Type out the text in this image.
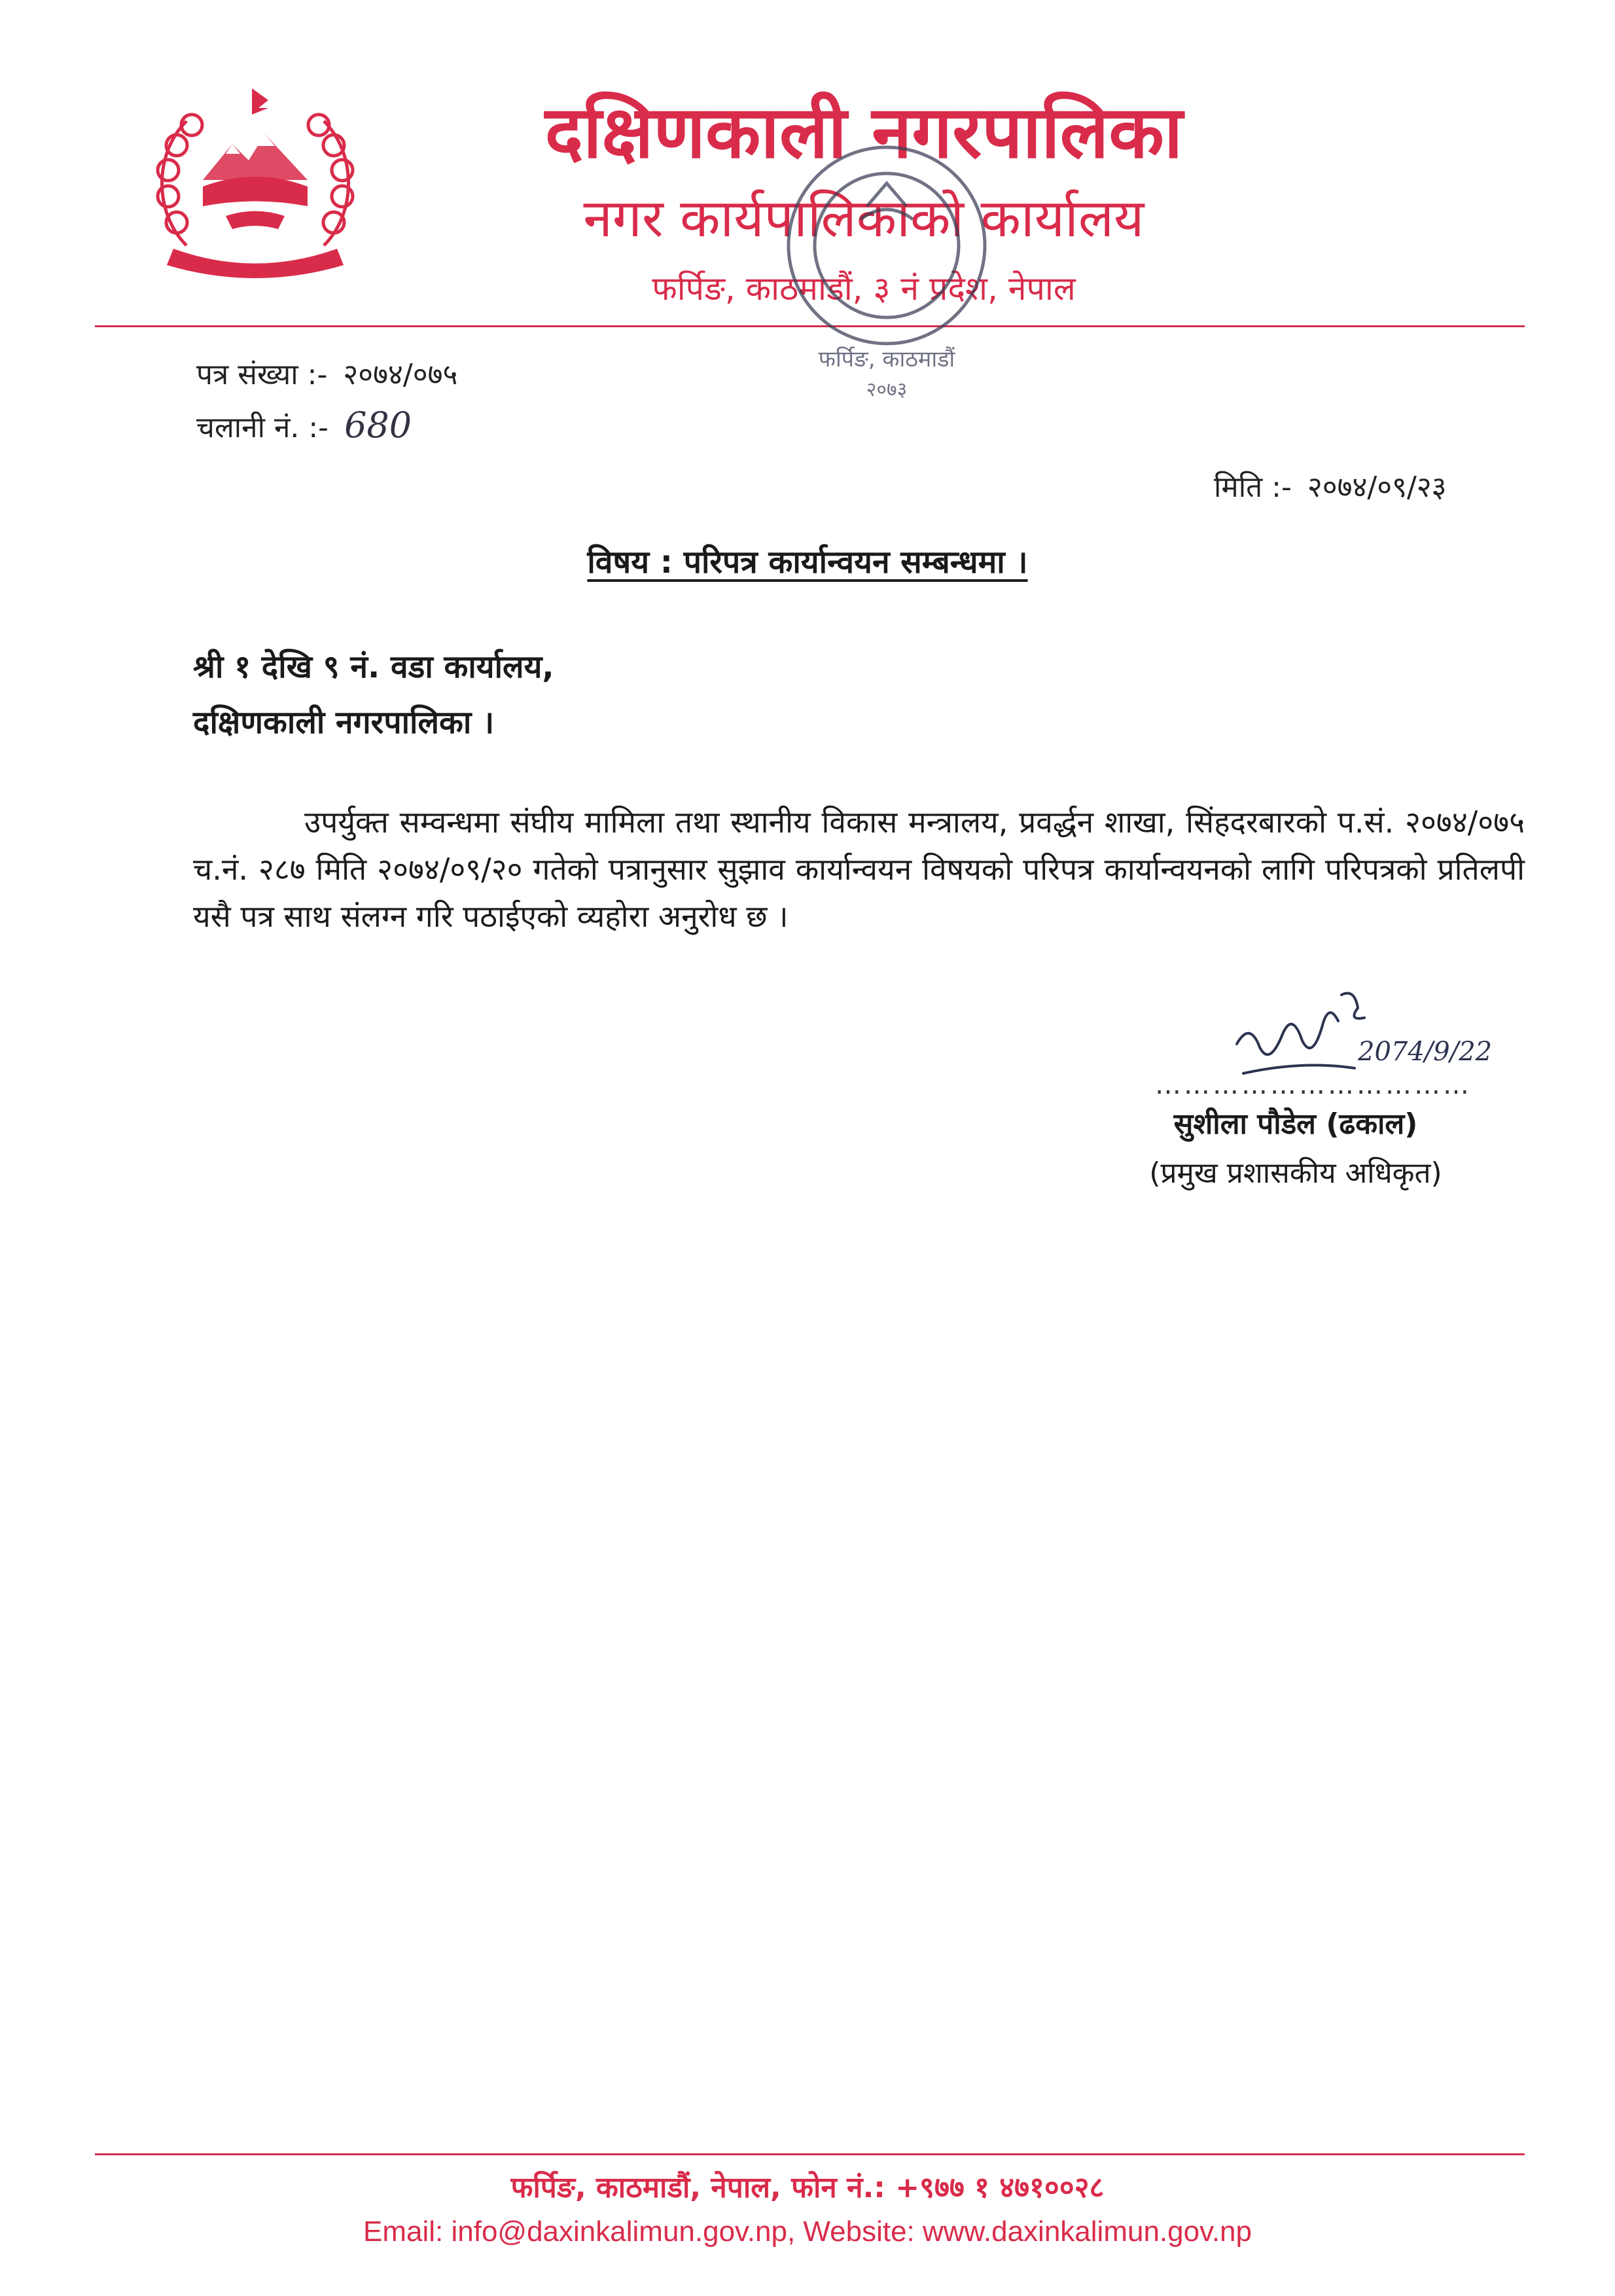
दक्षिणकाली नगरपालिका
नगर कार्यपालिकाको कार्यालय
फर्पिङ, काठमाडौं, ३ नं प्रदेश, नेपाल
फर्पिङ, काठमाडौं
२०७३
पत्र संख्या :- २०७४/०७५
चलानी नं. :- 680
मिति :- २०७४/०९/२३
विषय : परिपत्र कार्यान्वयन सम्बन्धमा ।
श्री १ देखि ९ नं. वडा कार्यालय,
दक्षिणकाली नगरपालिका ।
उपर्युक्त सम्वन्धमा संघीय मामिला तथा स्थानीय विकास मन्त्रालय, प्रवर्द्धन शाखा, सिंहदरबारको प.सं. २०७४/०७५ च.नं. २८७ मिति २०७४/०९/२० गतेको पत्रानुसार सुझाव कार्यान्वयन विषयको परिपत्र कार्यान्वयनको लागि परिपत्रको प्रतिलपी यसै पत्र साथ संलग्न गरि पठाईएको व्यहोरा अनुरोध छ ।
2074/9/22
……………………………
सुशीला पौडेल (ढकाल)
(प्रमुख प्रशासकीय अधिकृत)
फर्पिङ, काठमाडौं, नेपाल, फोन नं.: +९७७ १ ४७१००२८
Email: info@daxinkalimun.gov.np, Website: www.daxinkalimun.gov.np
